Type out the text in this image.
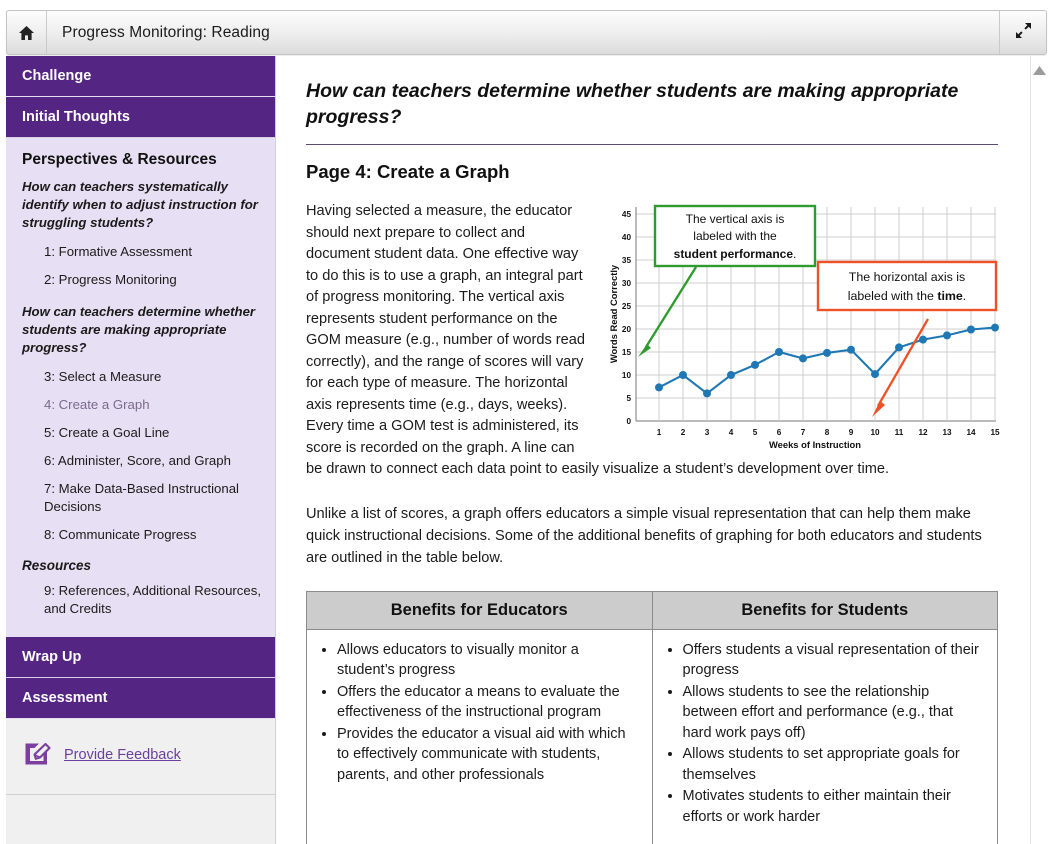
Progress Monitoring: Reading
Challenge
Initial Thoughts
Perspectives & Resources
How can teachers systematically identify when to adjust instruction for struggling students?
1: Formative Assessment
2: Progress Monitoring
How can teachers determine whether students are making appropriate progress?
3: Select a Measure
4: Create a Graph
5: Create a Goal Line
6: Administer, Score, and Graph
7: Make Data-Based Instructional Decisions
8: Communicate Progress
Resources
9: References, Additional Resources, and Credits
Wrap Up
Assessment
Provide Feedback
How can teachers determine whether students are making appropriate progress?
Page 4: Create a Graph
0
5
10
15
20
25
30
35
40
45
1 2 3 4 5 6 7 8 9 10 11 12 13 14 15
Weeks of Instruction
Words Read Correctly
The vertical axis is
labeled with the
student performance.
The horizontal axis is
labeled with the time.
Having selected a measure, the educator should next prepare to collect and document student data. One effective way to do this is to use a graph, an integral part of progress monitoring. The vertical axis represents student performance on the GOM measure (e.g., number of words read correctly), and the range of scores will vary for each type of measure. The horizontal axis represents time (e.g., days, weeks). Every time a GOM test is administered, its score is recorded on the graph. A line can be drawn to connect each data point to easily visualize a student’s development over time.
Unlike a list of scores, a graph offers educators a simple visual representation that can help them make quick instructional decisions. Some of the additional benefits of graphing for both educators and students are outlined in the table below.
Benefits for Educators	Benefits for Students

• Allows educators to visually monitor a student’s progress
• Offers the educator a means to evaluate the effectiveness of the instructional program
• Provides the educator a visual aid with which to effectively communicate with students, parents, and other professionals

• Offers students a visual representation of their progress
• Allows students to see the relationship between effort and performance (e.g., that hard work pays off)
• Allows students to set appropriate goals for themselves
• Motivates students to either maintain their efforts or work harder
